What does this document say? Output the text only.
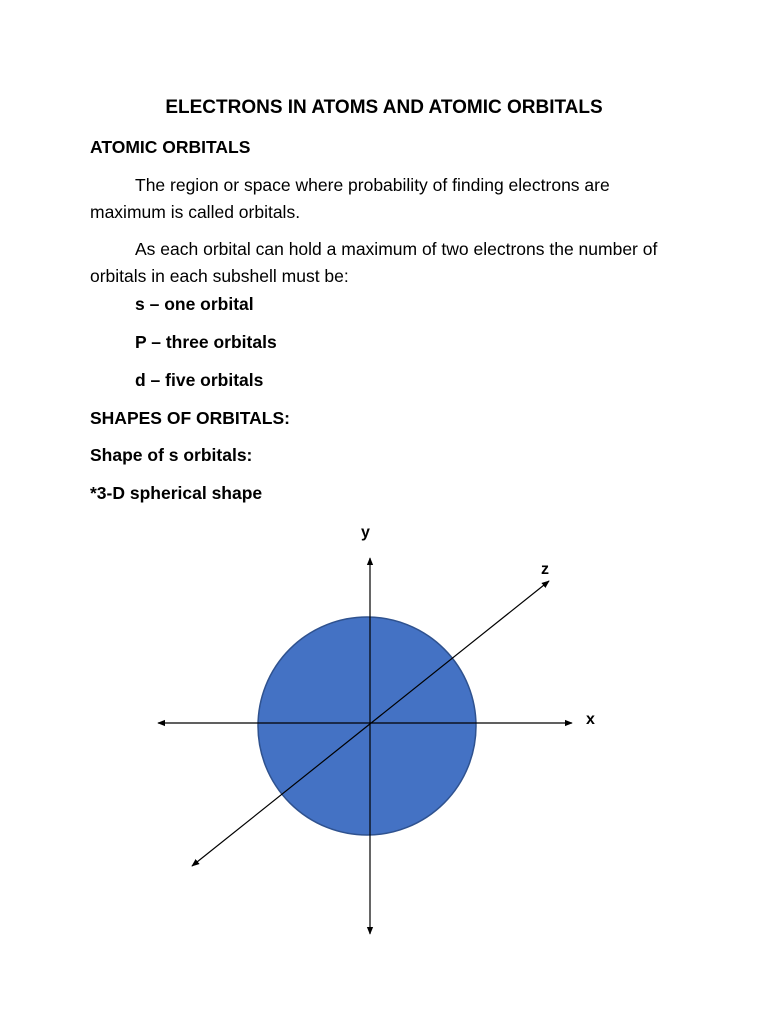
ELECTRONS IN ATOMS AND ATOMIC ORBITALS
ATOMIC ORBITALS
The region or space where probability of finding electrons are maximum is called orbitals.
As each orbital can hold a maximum of two electrons the number of orbitals in each subshell must be:
s – one orbital
P – three orbitals
d – five orbitals
SHAPES OF ORBITALS:
Shape of s orbitals:
*3-D spherical shape
y
z
x
